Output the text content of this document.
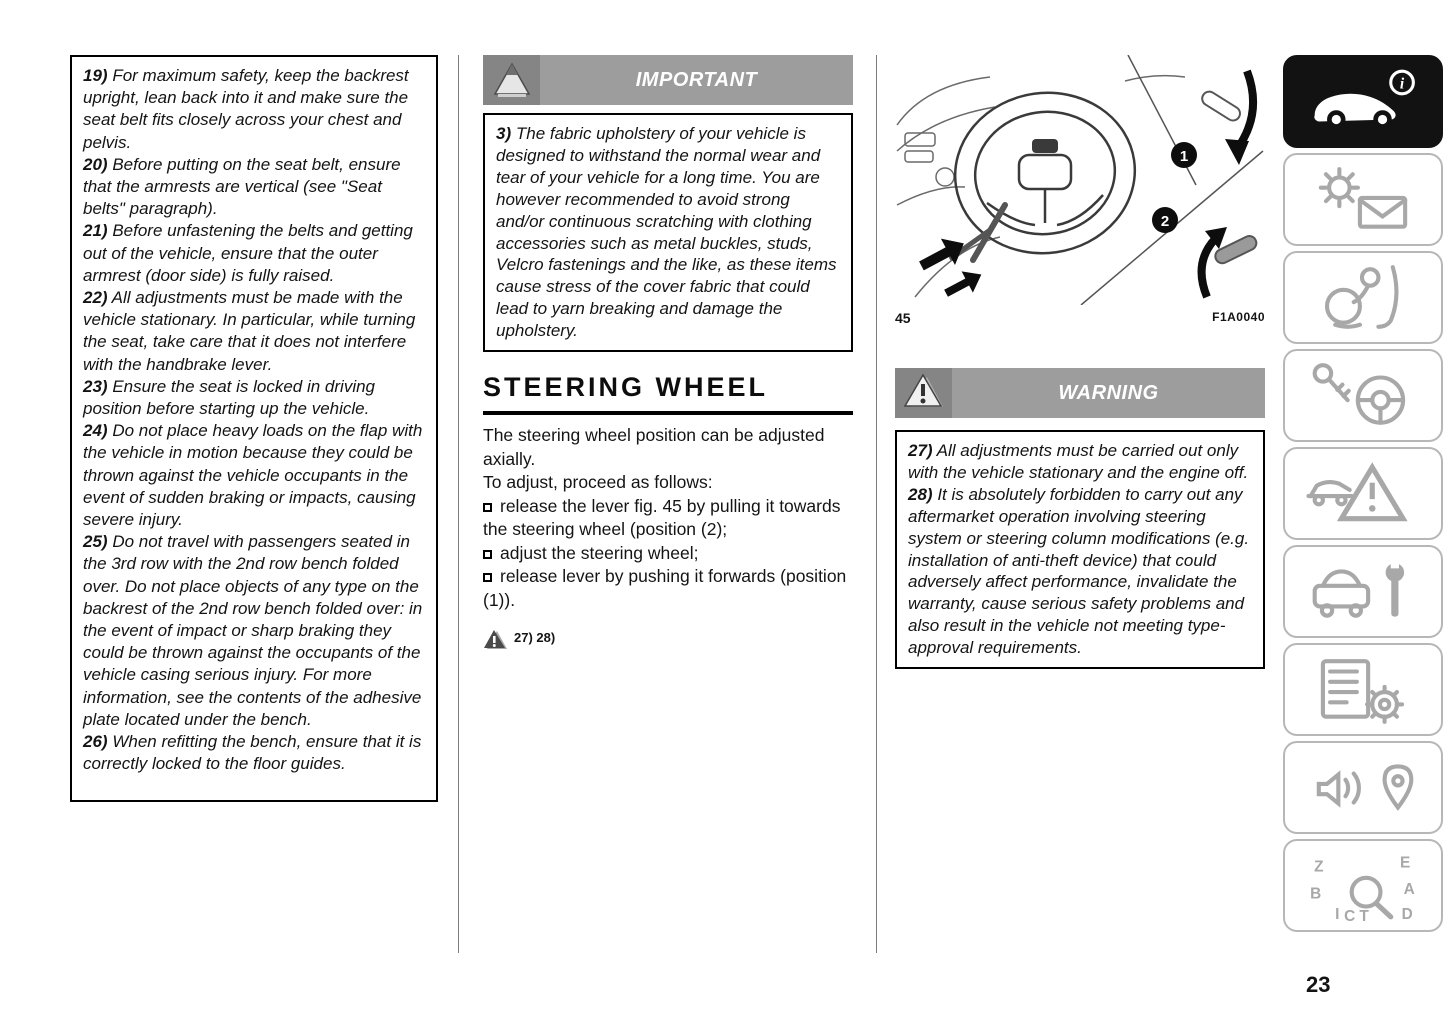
19) For maximum safety, keep the backrest upright, lean back into it and make sure the seat belt fits closely across your chest and pelvis.

20) Before putting on the seat belt, ensure that the armrests are vertical (see "Seat belts" paragraph).

21) Before unfastening the belts and getting out of the vehicle, ensure that the outer armrest (door side) is fully raised.

22) All adjustments must be made with the vehicle stationary. In particular, while turning the seat, take care that it does not interfere with the handbrake lever.

23) Ensure the seat is locked in driving position before starting up the vehicle.

24) Do not place heavy loads on the flap with the vehicle in motion because they could be thrown against the vehicle occupants in the event of sudden braking or impacts, causing severe injury.

25) Do not travel with passengers seated in the 3rd row with the 2nd row bench folded over. Do not place objects of any type on the backrest of the 2nd row bench folded over: in the event of impact or sharp braking they could be thrown against the occupants of the vehicle casing serious injury. For more information, see the contents of the adhesive plate located under the bench.

26) When refitting the bench, ensure that it is correctly locked to the floor guides.

IMPORTANT

3) The fabric upholstery of your vehicle is designed to withstand the normal wear and tear of your vehicle for a long time. You are however recommended to avoid strong and/or continuous scratching with clothing accessories such as metal buckles, studs, Velcro fastenings and the like, as these items cause stress of the cover fabric that could lead to yarn breaking and damage the upholstery.

STEERING WHEEL

The steering wheel position can be adjusted axially.

To adjust, proceed as follows:

release the lever fig. 45 by pulling it towards the steering wheel (position (2);
adjust the steering wheel;
release lever by pushing it forwards (position (1)).
27) 28)
1
2
45	F1A0040
WARNING

27) All adjustments must be carried out only with the vehicle stationary and the engine off.

28) It is absolutely forbidden to carry out any aftermarket operation involving steering system or steering column modifications (e.g. installation of anti-theft device) that could adversely affect performance, invalidate the warranty, cause serious safety problems and also result in the vehicle not meeting type-approval requirements.

i
Z	E
B	A
I C T D
23
